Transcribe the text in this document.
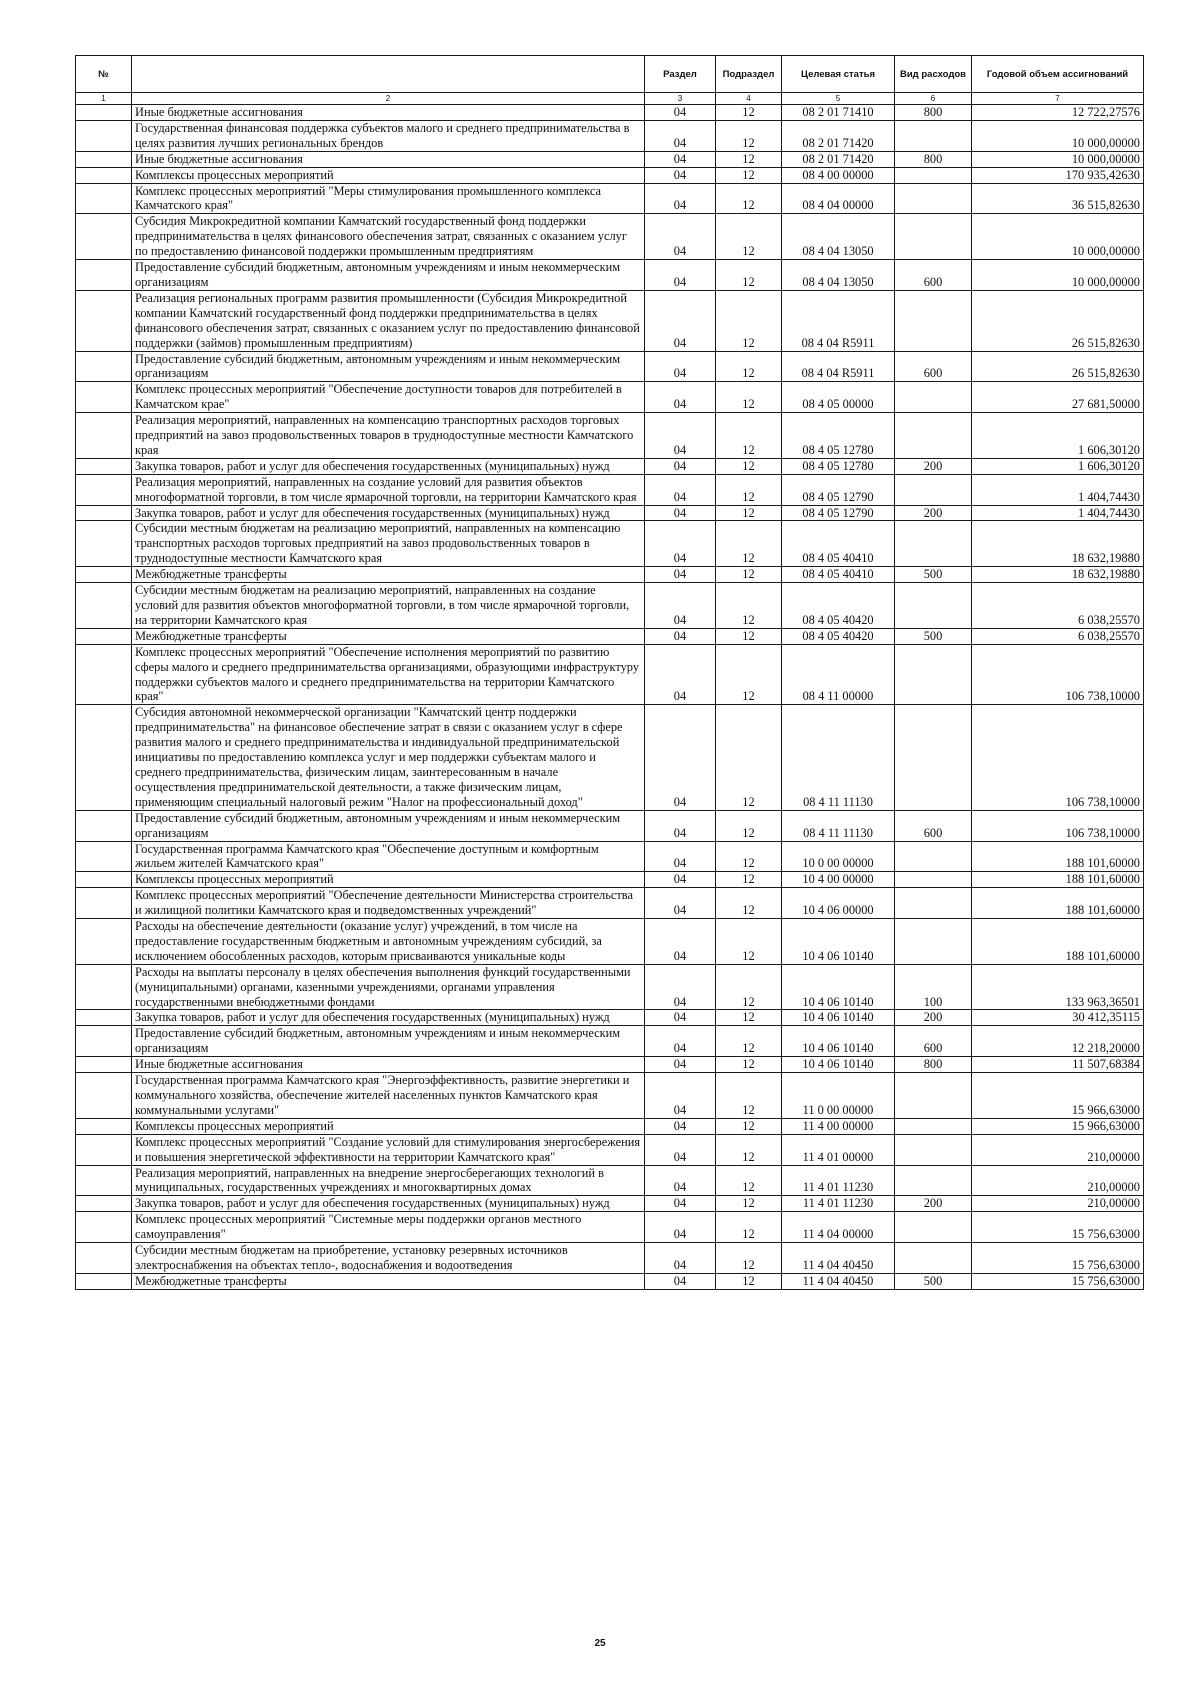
№		Раздел	Подраздел	Целевая статья	Вид расходов	Годовой объем ассигнований
1	2	3	4	5	6	7
	Иные бюджетные ассигнования	04	12	08 2 01 71410	800	12 722,27576
	Государственная финансовая поддержка субъектов малого и среднего предпринимательства в целях развития лучших региональных брендов	04	12	08 2 01 71420		10 000,00000
	Иные бюджетные ассигнования	04	12	08 2 01 71420	800	10 000,00000
	Комплексы процессных мероприятий	04	12	08 4 00 00000		170 935,42630
	Комплекс процессных мероприятий "Меры стимулирования промышленного комплекса Камчатского края"	04	12	08 4 04 00000		36 515,82630
	Субсидия Микрокредитной компании Камчатский государственный фонд поддержки предпринимательства в целях финансового обеспечения затрат, связанных с оказанием услуг по предоставлению финансовой поддержки промышленным предприятиям	04	12	08 4 04 13050		10 000,00000
	Предоставление субсидий бюджетным, автономным учреждениям и иным некоммерческим организациям	04	12	08 4 04 13050	600	10 000,00000
	Реализация региональных программ развития промышленности (Субсидия Микрокредитной компании Камчатский государственный фонд поддержки предпринимательства в целях финансового обеспечения затрат, связанных с оказанием услуг по предоставлению финансовой поддержки (займов) промышленным предприятиям)	04	12	08 4 04 R5911		26 515,82630
	Предоставление субсидий бюджетным, автономным учреждениям и иным некоммерческим организациям	04	12	08 4 04 R5911	600	26 515,82630
	Комплекс процессных мероприятий "Обеспечение доступности товаров для потребителей в Камчатском крае"	04	12	08 4 05 00000		27 681,50000
	Реализация мероприятий, направленных на компенсацию транспортных расходов торговых предприятий на завоз продовольственных товаров в труднодоступные местности Камчатского края	04	12	08 4 05 12780		1 606,30120
	Закупка товаров, работ и услуг для обеспечения государственных (муниципальных) нужд	04	12	08 4 05 12780	200	1 606,30120
	Реализация мероприятий, направленных на создание условий для развития объектов многоформатной торговли, в том числе ярмарочной торговли, на территории Камчатского края	04	12	08 4 05 12790		1 404,74430
	Закупка товаров, работ и услуг для обеспечения государственных (муниципальных) нужд	04	12	08 4 05 12790	200	1 404,74430
	Субсидии местным бюджетам на реализацию мероприятий, направленных на компенсацию транспортных расходов торговых предприятий на завоз продовольственных товаров в труднодоступные местности Камчатского края	04	12	08 4 05 40410		18 632,19880
	Межбюджетные трансферты	04	12	08 4 05 40410	500	18 632,19880
	Субсидии местным бюджетам на реализацию мероприятий, направленных на создание условий для развития объектов многоформатной торговли, в том числе ярмарочной торговли, на территории Камчатского края	04	12	08 4 05 40420		6 038,25570
	Межбюджетные трансферты	04	12	08 4 05 40420	500	6 038,25570
	Комплекс процессных мероприятий "Обеспечение исполнения мероприятий по развитию сферы малого и среднего предпринимательства организациями, образующими инфраструктуру поддержки субъектов малого и среднего предпринимательства на территории Камчатского края"	04	12	08 4 11 00000		106 738,10000
	Субсидия автономной некоммерческой организации "Камчатский центр поддержки предпринимательства" на финансовое обеспечение затрат в связи с оказанием услуг в сфере развития малого и среднего предпринимательства и индивидуальной предпринимательской инициативы по предоставлению комплекса услуг и мер поддержки субъектам малого и среднего предпринимательства, физическим лицам, заинтересованным в начале осуществления предпринимательской деятельности, а также физическим лицам, применяющим специальный налоговый режим "Налог на профессиональный доход"	04	12	08 4 11 11130		106 738,10000
	Предоставление субсидий бюджетным, автономным учреждениям и иным некоммерческим организациям	04	12	08 4 11 11130	600	106 738,10000
	Государственная программа Камчатского края "Обеспечение доступным и комфортным жильем жителей Камчатского края"	04	12	10 0 00 00000		188 101,60000
	Комплексы процессных мероприятий	04	12	10 4 00 00000		188 101,60000
	Комплекс процессных мероприятий "Обеспечение деятельности Министерства строительства и жилищной политики Камчатского края и подведомственных учреждений"	04	12	10 4 06 00000		188 101,60000
	Расходы на обеспечение деятельности (оказание услуг) учреждений, в том числе на предоставление государственным бюджетным и автономным учреждениям субсидий, за исключением обособленных расходов, которым присваиваются уникальные коды	04	12	10 4 06 10140		188 101,60000
	Расходы на выплаты персоналу в целях обеспечения выполнения функций государственными (муниципальными) органами, казенными учреждениями, органами управления государственными внебюджетными фондами	04	12	10 4 06 10140	100	133 963,36501
	Закупка товаров, работ и услуг для обеспечения государственных (муниципальных) нужд	04	12	10 4 06 10140	200	30 412,35115
	Предоставление субсидий бюджетным, автономным учреждениям и иным некоммерческим организациям	04	12	10 4 06 10140	600	12 218,20000
	Иные бюджетные ассигнования	04	12	10 4 06 10140	800	11 507,68384
	Государственная программа Камчатского края "Энергоэффективность, развитие энергетики и коммунального хозяйства, обеспечение жителей населенных пунктов Камчатского края коммунальными услугами"	04	12	11 0 00 00000		15 966,63000
	Комплексы процессных мероприятий	04	12	11 4 00 00000		15 966,63000
	Комплекс процессных мероприятий "Создание условий для стимулирования энергосбережения и повышения энергетической эффективности на территории Камчатского края"	04	12	11 4 01 00000		210,00000
	Реализация мероприятий, направленных на внедрение энергосберегающих технологий в муниципальных, государственных учреждениях и многоквартирных домах	04	12	11 4 01 11230		210,00000
	Закупка товаров, работ и услуг для обеспечения государственных (муниципальных) нужд	04	12	11 4 01 11230	200	210,00000
	Комплекс процессных мероприятий "Системные меры поддержки органов местного самоуправления"	04	12	11 4 04 00000		15 756,63000
	Субсидии местным бюджетам на приобретение, установку резервных источников электроснабжения на объектах тепло-, водоснабжения и водоотведения	04	12	11 4 04 40450		15 756,63000
	Межбюджетные трансферты	04	12	11 4 04 40450	500	15 756,63000
25
